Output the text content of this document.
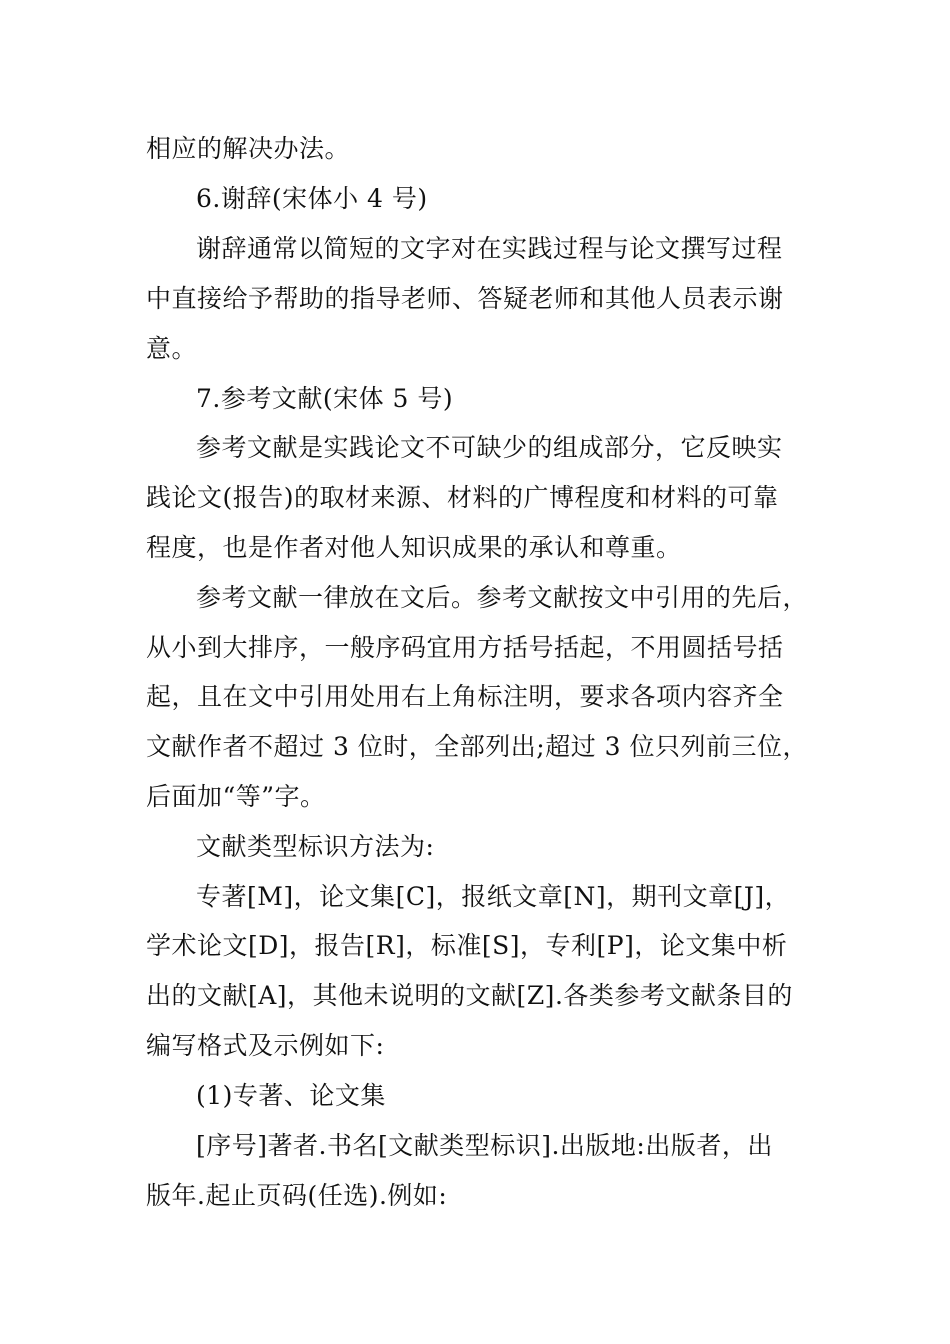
相应的解决办法。
6.谢辞(宋体小 4 号)
谢辞通常以简短的文字对在实践过程与论文撰写过程
中直接给予帮助的指导老师、答疑老师和其他人员表示谢
意。
7.参考文献(宋体 5 号)
参考文献是实践论文不可缺少的组成部分，它反映实
践论文(报告)的取材来源、材料的广博程度和材料的可靠
程度，也是作者对他人知识成果的承认和尊重。
参考文献一律放在文后。参考文献按文中引用的先后，
从小到大排序，一般序码宜用方括号括起，不用圆括号括
起，且在文中引用处用右上角标注明，要求各项内容齐全
文献作者不超过 3 位时，全部列出;超过 3 位只列前三位，
后面加“等”字。
文献类型标识方法为:
专著[M]，论文集[C]，报纸文章[N]，期刊文章[J]，
学术论文[D]，报告[R]，标准[S]，专利[P]，论文集中析
出的文献[A]，其他未说明的文献[Z].各类参考文献条目的
编写格式及示例如下:
(1)专著、论文集
[序号]著者.书名[文献类型标识].出版地:出版者，出
版年.起止页码(任选).例如:
